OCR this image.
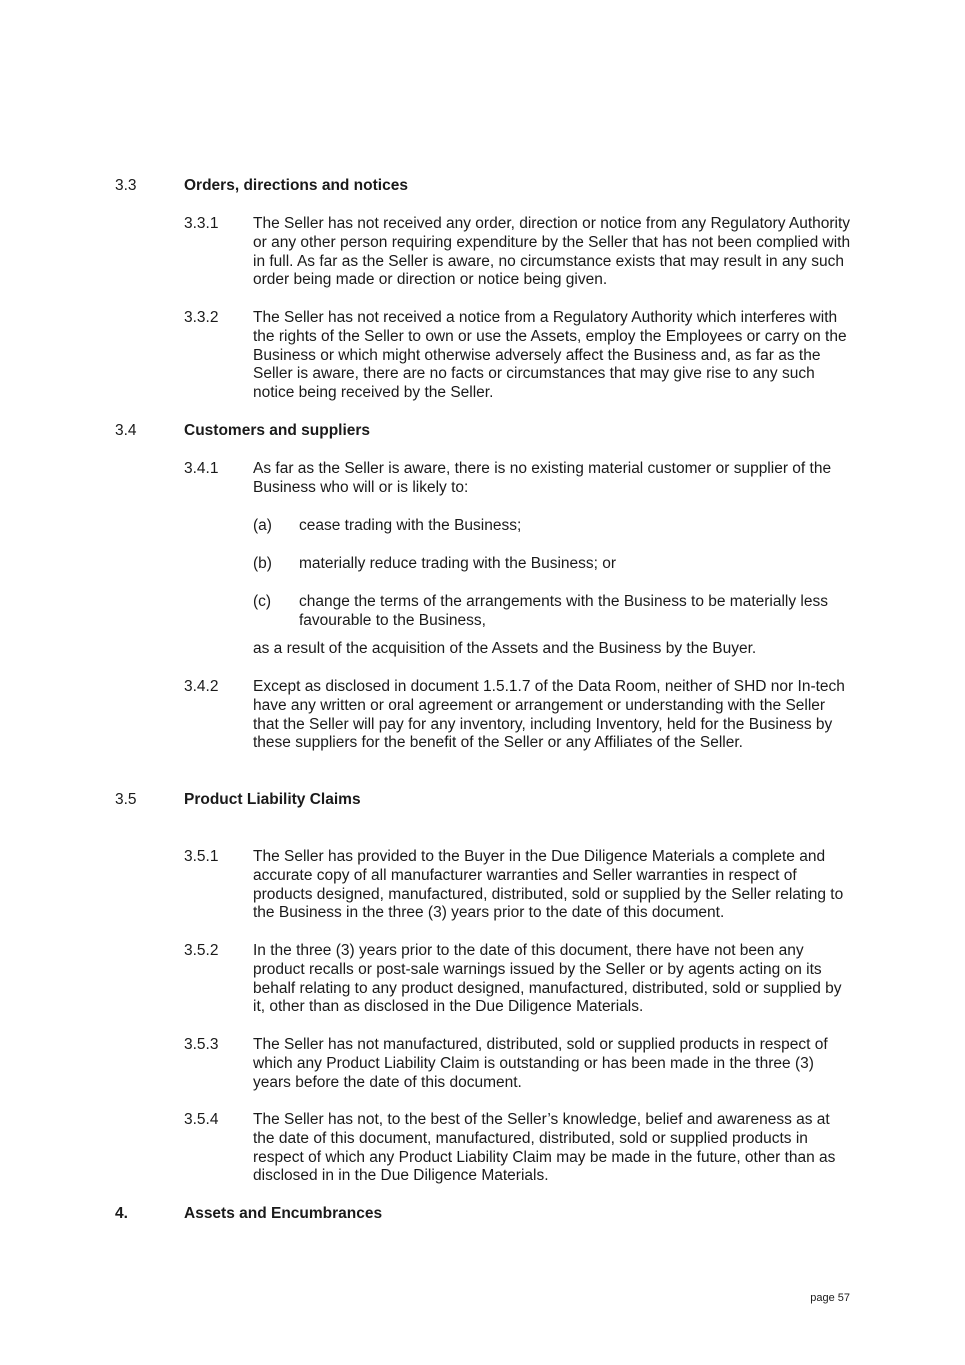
3.3	Orders, directions and notices
3.3.1 The Seller has not received any order, direction or notice from any Regulatory Authority or any other person requiring expenditure by the Seller that has not been complied with in full. As far as the Seller is aware, no circumstance exists that may result in any such order being made or direction or notice being given.
3.3.2 The Seller has not received a notice from a Regulatory Authority which interferes with the rights of the Seller to own or use the Assets, employ the Employees or carry on the Business or which might otherwise adversely affect the Business and, as far as the Seller is aware, there are no facts or circumstances that may give rise to any such notice being received by the Seller.
3.4	Customers and suppliers
3.4.1 As far as the Seller is aware, there is no existing material customer or supplier of the Business who will or is likely to:
(a) cease trading with the Business;
(b) materially reduce trading with the Business; or
(c) change the terms of the arrangements with the Business to be materially less favourable to the Business,
as a result of the acquisition of the Assets and the Business by the Buyer.
3.4.2 Except as disclosed in document 1.5.1.7 of the Data Room, neither of SHD nor In-tech have any written or oral agreement or arrangement or understanding with the Seller that the Seller will pay for any inventory, including Inventory, held for the Business by these suppliers for the benefit of the Seller or any Affiliates of the Seller.
3.5	Product Liability Claims
3.5.1 The Seller has provided to the Buyer in the Due Diligence Materials a complete and accurate copy of all manufacturer warranties and Seller warranties in respect of products designed, manufactured, distributed, sold or supplied by the Seller relating to the Business in the three (3) years prior to the date of this document.
3.5.2 In the three (3) years prior to the date of this document, there have not been any product recalls or post-sale warnings issued by the Seller or by agents acting on its behalf relating to any product designed, manufactured, distributed, sold or supplied by it, other than as disclosed in the Due Diligence Materials.
3.5.3 The Seller has not manufactured, distributed, sold or supplied products in respect of which any Product Liability Claim is outstanding or has been made in the three (3) years before the date of this document.
3.5.4 The Seller has not, to the best of the Seller’s knowledge, belief and awareness as at the date of this document, manufactured, distributed, sold or supplied products in respect of which any Product Liability Claim may be made in the future, other than as disclosed in in the Due Diligence Materials.
4.	Assets and Encumbrances
page 57
